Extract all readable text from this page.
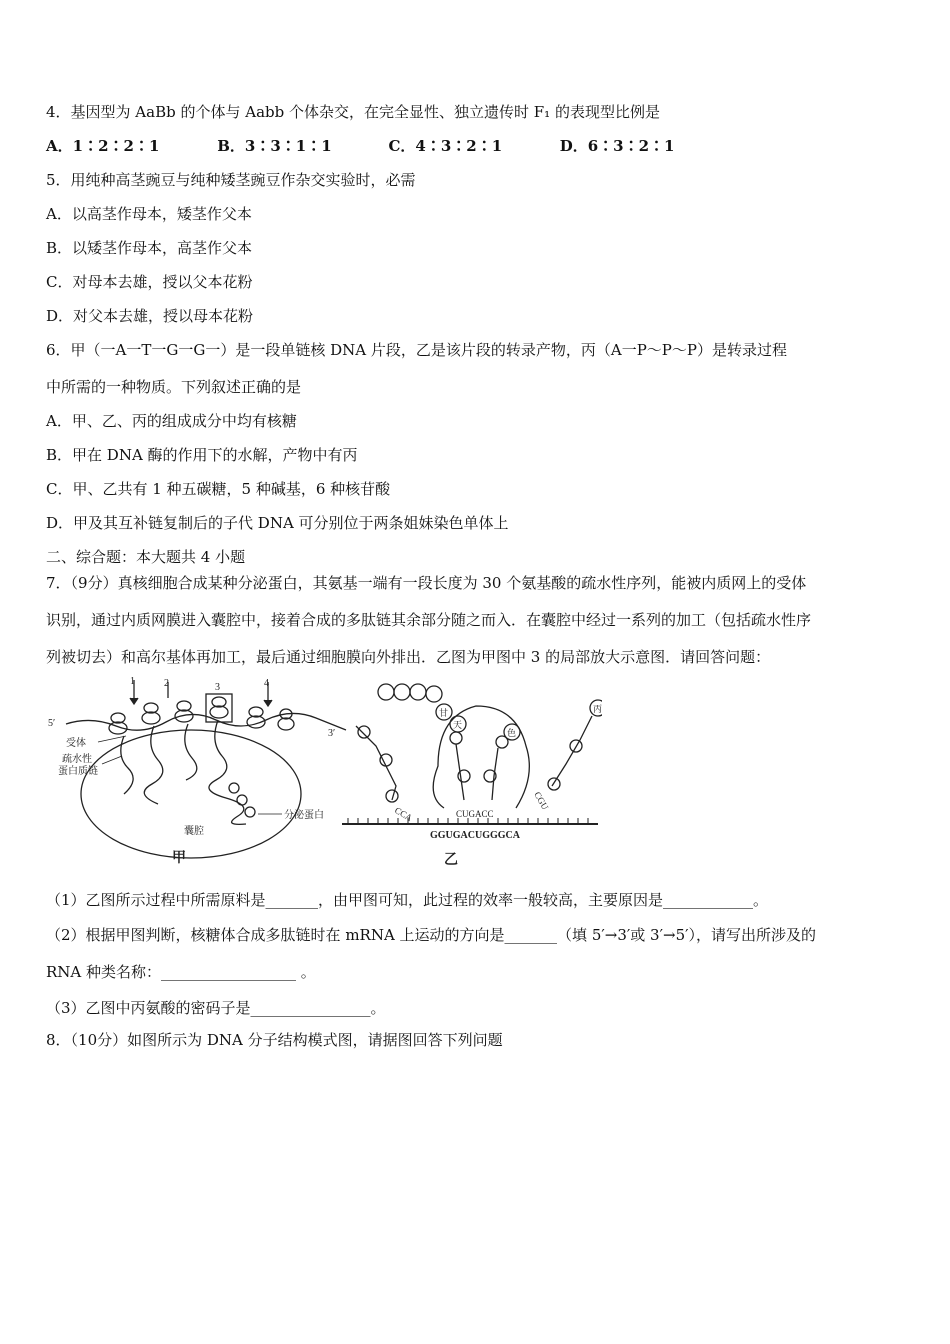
4．基因型为 AaBb 的个体与 Aabb 个体杂交，在完全显性、独立遗传时 F₁ 的表现型比例是
A．1∶2∶2∶1	B．3∶3∶1∶1	C．4∶3∶2∶1	D．6∶3∶2∶1
5．用纯种高茎豌豆与纯种矮茎豌豆作杂交实验时，必需
A．以高茎作母本，矮茎作父本
B．以矮茎作母本，高茎作父本
C．对母本去雄，授以父本花粉
D．对父本去雄，授以母本花粉
6．甲（一A一T一G一G一）是一段单链核 DNA 片段，乙是该片段的转录产物，丙（A一P～P～P）是转录过程
中所需的一种物质。下列叙述正确的是
A．甲、乙、丙的组成成分中均有核糖
B．甲在 DNA 酶的作用下的水解，产物中有丙
C．甲、乙共有 1 种五碳糖，5 种碱基，6 种核苷酸
D．甲及其互补链复制后的子代 DNA 可分别位于两条姐妹染色单体上
二、综合题：本大题共 4 小题
7．（9分）真核细胞合成某种分泌蛋白，其氨基一端有一段长度为 30 个氨基酸的疏水性序列，能被内质网上的受体
识别，通过内质网膜进入囊腔中，接着合成的多肽链其余部分随之而入．在囊腔中经过一系列的加工（包括疏水性序
列被切去）和高尔基体再加工，最后通过细胞膜向外排出．乙图为甲图中 3 的局部放大示意图．请回答问题：
1	2	3	4
5′
3′
受体
疏水性
蛋白质链
分泌蛋白
囊腔
甲
甘
天
色
丙
CCA	CUGACC
CGU
GGUGACUGGGCA
乙
（1）乙图所示过程中所需原料是_______，由甲图可知，此过程的效率一般较高，主要原因是____________。
（2）根据甲图判断，核糖体合成多肽链时在 mRNA 上运动的方向是_______（填 5′→3′或 3′→5′），请写出所涉及的
RNA 种类名称：__________________ 。
（3）乙图中丙氨酸的密码子是________________。
8．（10分）如图所示为 DNA 分子结构模式图，请据图回答下列问题
